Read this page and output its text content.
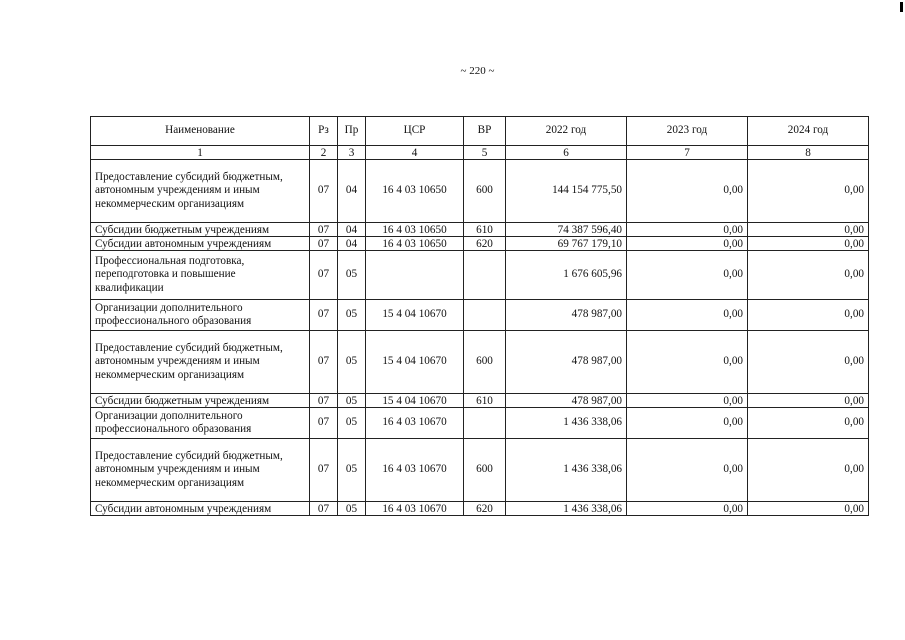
~ 220 ~
Наименование	Рз	Пр	ЦСР	ВР	2022 год	2023 год	2024 год
1	2	3	4	5	6	7	8
Предоставление субсидий бюджетным, автономным учреждениям и иным некоммерческим организациям	07	04	16 4 03 10650	600	144 154 775,50	0,00	0,00
Субсидии бюджетным учреждениям	07	04	16 4 03 10650	610	74 387 596,40	0,00	0,00
Субсидии автономным учреждениям	07	04	16 4 03 10650	620	69 767 179,10	0,00	0,00
Профессиональная подготовка, переподготовка и повышение квалификации	07	05			1 676 605,96	0,00	0,00
Организации дополнительного профессионального образования	07	05	15 4 04 10670		478 987,00	0,00	0,00
Предоставление субсидий бюджетным, автономным учреждениям и иным некоммерческим организациям	07	05	15 4 04 10670	600	478 987,00	0,00	0,00
Субсидии бюджетным учреждениям	07	05	15 4 04 10670	610	478 987,00	0,00	0,00
Организации дополнительного профессионального образования	07	05	16 4 03 10670		1 436 338,06	0,00	0,00
Предоставление субсидий бюджетным, автономным учреждениям и иным некоммерческим организациям	07	05	16 4 03 10670	600	1 436 338,06	0,00	0,00
Субсидии автономным учреждениям	07	05	16 4 03 10670	620	1 436 338,06	0,00	0,00
